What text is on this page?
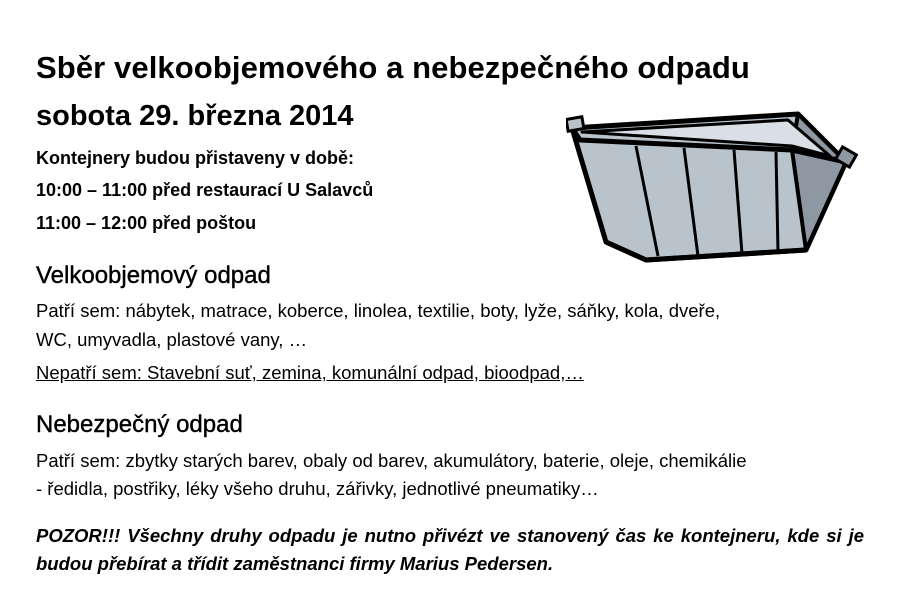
Sběr velkoobjemového a nebezpečného odpadu
sobota 29. března 2014
Kontejnery budou přistaveny v době:
10:00 – 11:00 před restaurací U Salavců
11:00 – 12:00 před poštou
Velkoobjemový odpad
Patří sem: nábytek, matrace, koberce, linolea, textilie, boty, lyže, sáňky, kola, dveře,
WC, umyvadla, plastové vany, …
Nepatří sem: Stavební suť, zemina, komunální odpad, bioodpad,…
Nebezpečný odpad
Patří sem: zbytky starých barev, obaly od barev, akumulátory, baterie, oleje, chemikálie
- ředidla, postřiky, léky všeho druhu, zářivky, jednotlivé pneumatiky…
POZOR!!! Všechny druhy odpadu je nutno přivézt ve stanovený čas ke kontejneru, kde si je budou přebírat a třídit zaměstnanci firmy Marius Pedersen.
